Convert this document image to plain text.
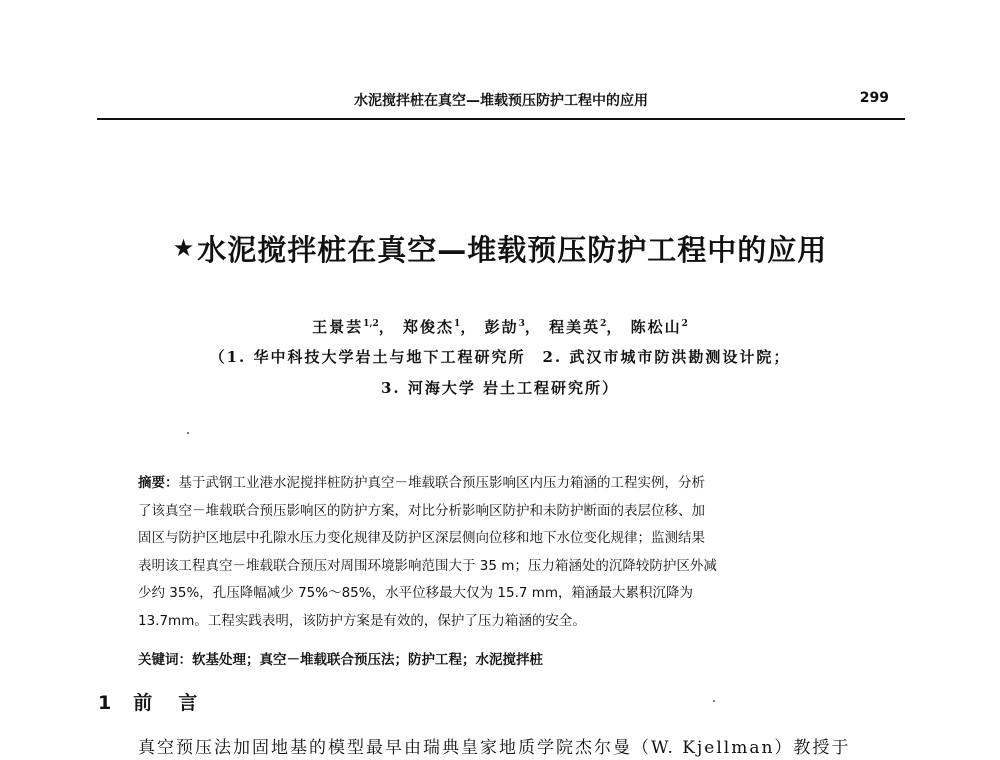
水泥搅拌桩在真空—堆载预压防护工程中的应用	299
★水泥搅拌桩在真空—堆载预压防护工程中的应用
王景芸$^{1,2}$， 郑俊杰$^1$， 彭劼$^3$， 程美英$^2$， 陈松山$^2$
（1. 华中科技大学岩土与地下工程研究所　2. 武汉市城市防洪勘测设计院；
3. 河海大学 岩土工程研究所）
摘要：基于武钢工业港水泥搅拌桩防护真空－堆载联合预压影响区内压力箱涵的工程实例，分析
了该真空－堆载联合预压影响区的防护方案，对比分析影响区防护和未防护断面的表层位移、加
固区与防护区地层中孔隙水压力变化规律及防护区深层侧向位移和地下水位变化规律；监测结果
表明该工程真空－堆载联合预压对周围环境影响范围大于 35 m；压力箱涵处的沉降较防护区外减
少约 35%，孔压降幅减少 75%～85%，水平位移最大仅为 15.7 mm，箱涵最大累积沉降为
13.7mm。工程实践表明，该防护方案是有效的，保护了压力箱涵的安全。
关键词：软基处理；真空－堆载联合预压法；防护工程；水泥搅拌桩
1 前言
真空预压法加固地基的模型最早由瑞典皇家地质学院杰尔曼（W. Kjellman）教授于
